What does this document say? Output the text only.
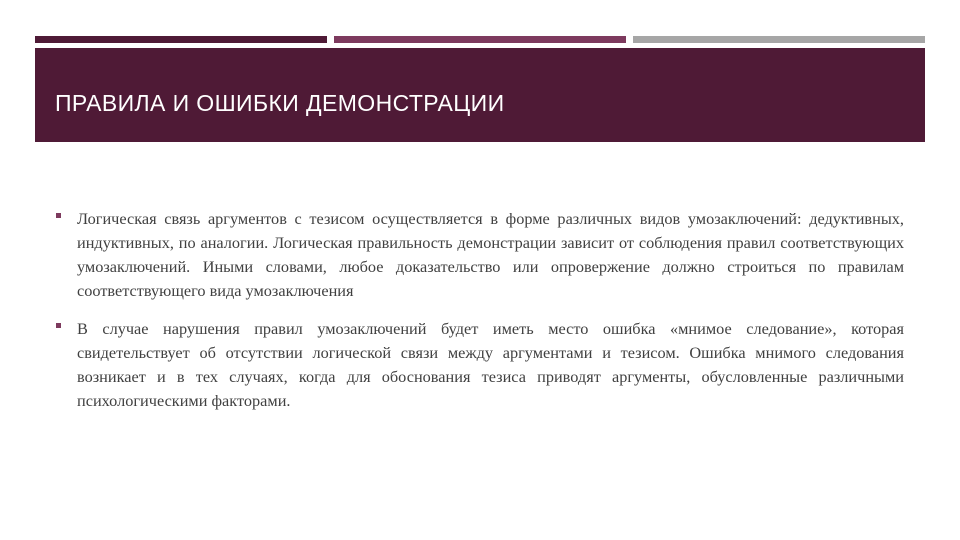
ПРАВИЛА И ОШИБКИ ДЕМОНСТРАЦИИ

Логическая связь аргументов с тезисом осуществляется в форме различных видов умозаключений: дедуктивных, индуктивных, по аналогии. Логическая правильность демонстрации зависит от соблюдения правил соответствующих умозаключений. Иными словами, любое доказательство или опровержение должно строиться по правилам соответствующего вида умозаключения

В случае нарушения правил умозаключений будет иметь место ошибка «мнимое следование», которая свидетельствует об отсутствии логической связи между аргументами и тезисом. Ошибка мнимого следования возникает и в тех случаях, когда для обоснования тезиса приводят аргументы, обусловленные различными психологическими факторами.
